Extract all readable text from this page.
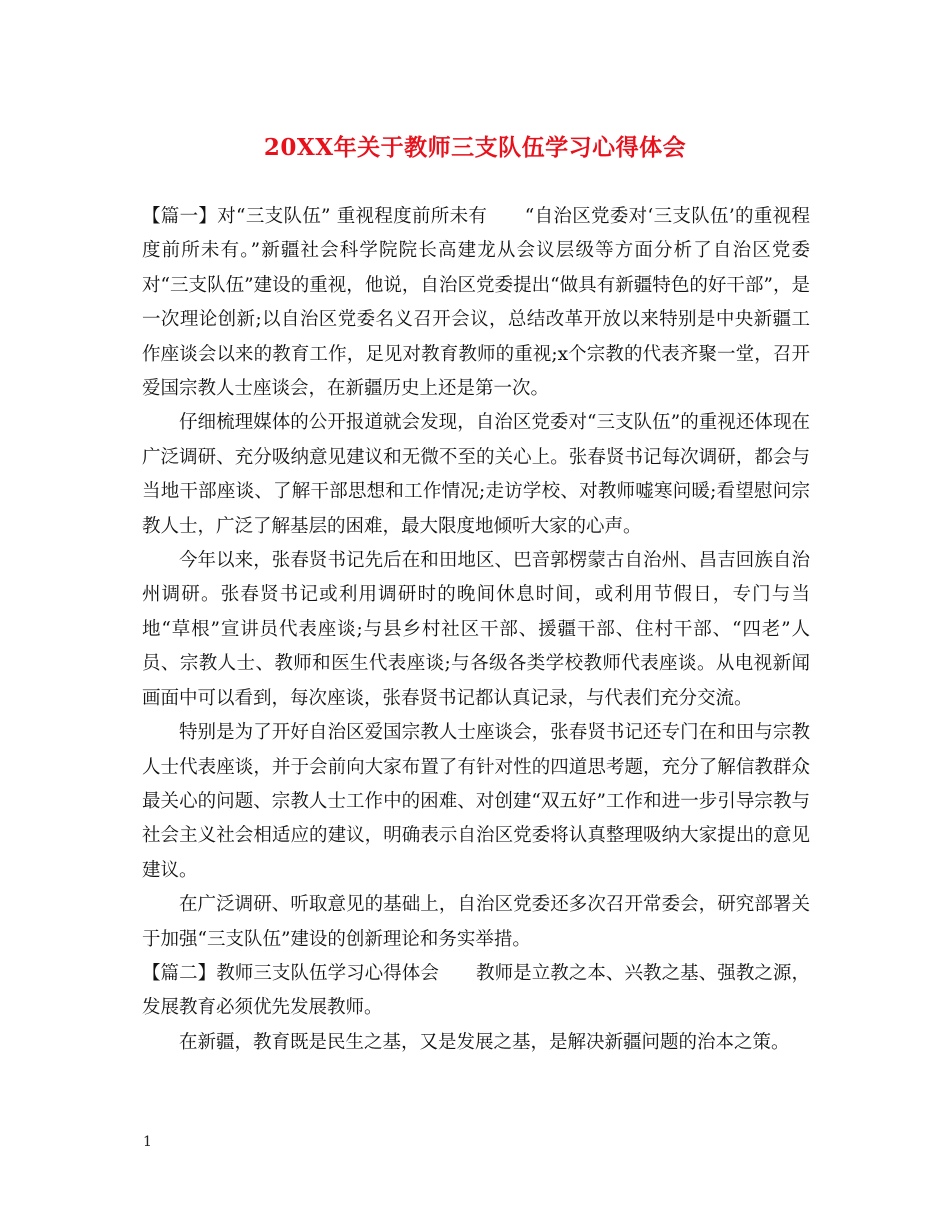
20XX年关于教师三支队伍学习心得体会

【篇一】对“三支队伍” 重视程度前所未有　　“自治区党委对‘三支队伍’的重视程度前所未有。”新疆社会科学院院长高建龙从会议层级等方面分析了自治区党委对“三支队伍”建设的重视，他说，自治区党委提出“做具有新疆特色的好干部”，是一次理论创新;以自治区党委名义召开会议，总结改革开放以来特别是中央新疆工作座谈会以来的教育工作，足见对教育教师的重视;x个宗教的代表齐聚一堂，召开爱国宗教人士座谈会，在新疆历史上还是第一次。

仔细梳理媒体的公开报道就会发现，自治区党委对“三支队伍”的重视还体现在广泛调研、充分吸纳意见建议和无微不至的关心上。张春贤书记每次调研，都会与当地干部座谈、了解干部思想和工作情况;走访学校、对教师嘘寒问暖;看望慰问宗教人士，广泛了解基层的困难，最大限度地倾听大家的心声。

今年以来，张春贤书记先后在和田地区、巴音郭楞蒙古自治州、昌吉回族自治州调研。张春贤书记或利用调研时的晚间休息时间，或利用节假日，专门与当地“草根”宣讲员代表座谈;与县乡村社区干部、援疆干部、住村干部、“四老”人员、宗教人士、教师和医生代表座谈;与各级各类学校教师代表座谈。从电视新闻画面中可以看到，每次座谈，张春贤书记都认真记录，与代表们充分交流。

特别是为了开好自治区爱国宗教人士座谈会，张春贤书记还专门在和田与宗教人士代表座谈，并于会前向大家布置了有针对性的四道思考题，充分了解信教群众最关心的问题、宗教人士工作中的困难、对创建“双五好”工作和进一步引导宗教与社会主义社会相适应的建议，明确表示自治区党委将认真整理吸纳大家提出的意见建议。

在广泛调研、听取意见的基础上，自治区党委还多次召开常委会，研究部署关于加强“三支队伍”建设的创新理论和务实举措。

【篇二】教师三支队伍学习心得体会　　教师是立教之本、兴教之基、强教之源，发展教育必须优先发展教师。

在新疆，教育既是民生之基，又是发展之基，是解决新疆问题的治本之策。

1
